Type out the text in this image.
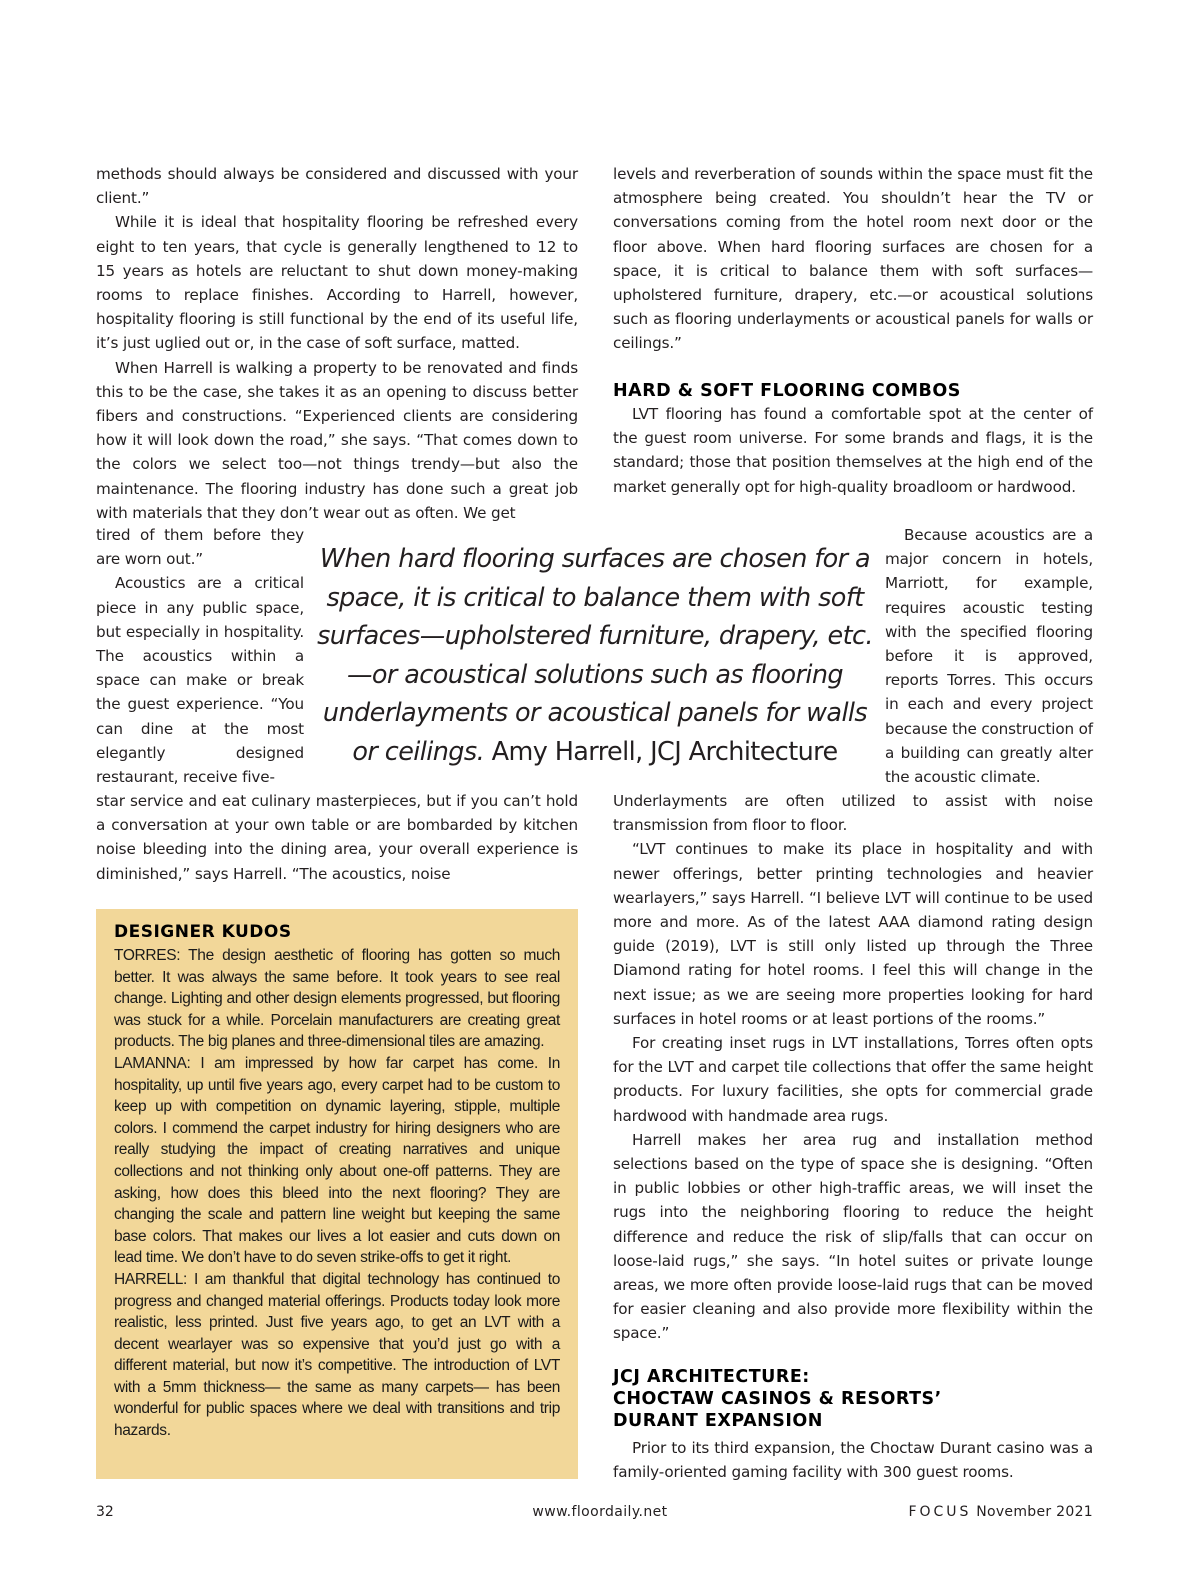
methods should always be considered and discussed with your client.”

While it is ideal that hospitality flooring be refreshed every eight to ten years, that cycle is generally lengthened to 12 to 15 years as hotels are reluctant to shut down money-making rooms to replace finishes. According to Harrell, however, hospitality flooring is still functional by the end of its useful life, it’s just uglied out or, in the case of soft surface, matted.

When Harrell is walking a property to be renovated and finds this to be the case, she takes it as an opening to discuss better fibers and constructions. “Experienced clients are considering how it will look down the road,” she says. “That comes down to the colors we select too—not things trendy—but also the maintenance. The flooring industry has done such a great job with materials that they don’t wear out as often. We get

tired of them before they are worn out.”

Acoustics are a critical piece in any public space, but especially in hospitality. The acoustics within a space can make or break the guest experience. “You can dine at the most elegantly designed restaurant, receive five-

star service and eat culinary masterpieces, but if you can’t hold a conversation at your own table or are bombarded by kitchen noise bleeding into the dining area, your overall experience is diminished,” says Harrell. “The acoustics, noise

levels and reverberation of sounds within the space must fit the atmosphere being created. You shouldn’t hear the TV or conversations coming from the hotel room next door or the floor above. When hard flooring surfaces are chosen for a space, it is critical to balance them with soft surfaces—upholstered furniture, drapery, etc.—or acoustical solutions such as flooring underlayments or acoustical panels for walls or ceilings.”

HARD & SOFT FLOORING COMBOS

LVT flooring has found a comfortable spot at the center of the guest room universe. For some brands and flags, it is the standard; those that position themselves at the high end of the market generally opt for high-quality broadloom or hardwood.

Because acoustics are a major concern in hotels, Marriott, for example, requires acoustic testing with the specified flooring before it is approved, reports Torres. This occurs in each and every project because the construction of a building can greatly alter the acoustic climate.

When hard flooring surfaces are chosen for a space, it is critical to balance them with soft surfaces—upholstered furniture, drapery, etc.—or acoustical solutions such as flooring underlayments or acoustical panels for walls or ceilings. Amy Harrell, JCJ Architecture

Underlayments are often utilized to assist with noise transmission from floor to floor.

“LVT continues to make its place in hospitality and with newer offerings, better printing technologies and heavier wearlayers,” says Harrell. “I believe LVT will continue to be used more and more. As of the latest AAA diamond rating design guide (2019), LVT is still only listed up through the Three Diamond rating for hotel rooms. I feel this will change in the next issue; as we are seeing more properties looking for hard surfaces in hotel rooms or at least portions of the rooms.”

For creating inset rugs in LVT installations, Torres often opts for the LVT and carpet tile collections that offer the same height products. For luxury facilities, she opts for commercial grade hardwood with handmade area rugs.

Harrell makes her area rug and installation method selections based on the type of space she is designing. “Often in public lobbies or other high-traffic areas, we will inset the rugs into the neighboring flooring to reduce the height difference and reduce the risk of slip/falls that can occur on loose-laid rugs,” she says. “In hotel suites or private lounge areas, we more often provide loose-laid rugs that can be moved for easier cleaning and also provide more flexibility within the space.”

JCJ ARCHITECTURE:
CHOCTAW CASINOS & RESORTS’
DURANT EXPANSION

Prior to its third expansion, the Choctaw Durant casino was a family-oriented gaming facility with 300 guest rooms.

DESIGNER KUDOS

TORRES: The design aesthetic of flooring has gotten so much better. It was always the same before. It took years to see real change. Lighting and other design elements progressed, but flooring was stuck for a while. Porcelain manufacturers are creating great products. The big planes and three-dimensional tiles are amazing.

LAMANNA: I am impressed by how far carpet has come. In hospitality, up until five years ago, every carpet had to be custom to keep up with competition on dynamic layering, stipple, multiple colors. I commend the carpet industry for hiring designers who are really studying the impact of creating narratives and unique collections and not thinking only about one-off patterns. They are asking, how does this bleed into the next flooring? They are changing the scale and pattern line weight but keeping the same base colors. That makes our lives a lot easier and cuts down on lead time. We don’t have to do seven strike-offs to get it right.

HARRELL: I am thankful that digital technology has continued to progress and changed material offerings. Products today look more realistic, less printed. Just five years ago, to get an LVT with a decent wearlayer was so expensive that you’d just go with a different material, but now it’s competitive. The introduction of LVT with a 5mm thickness— the same as many carpets— has been wonderful for public spaces where we deal with transitions and trip hazards.

32	www.floordaily.net	FOCUS November 2021
